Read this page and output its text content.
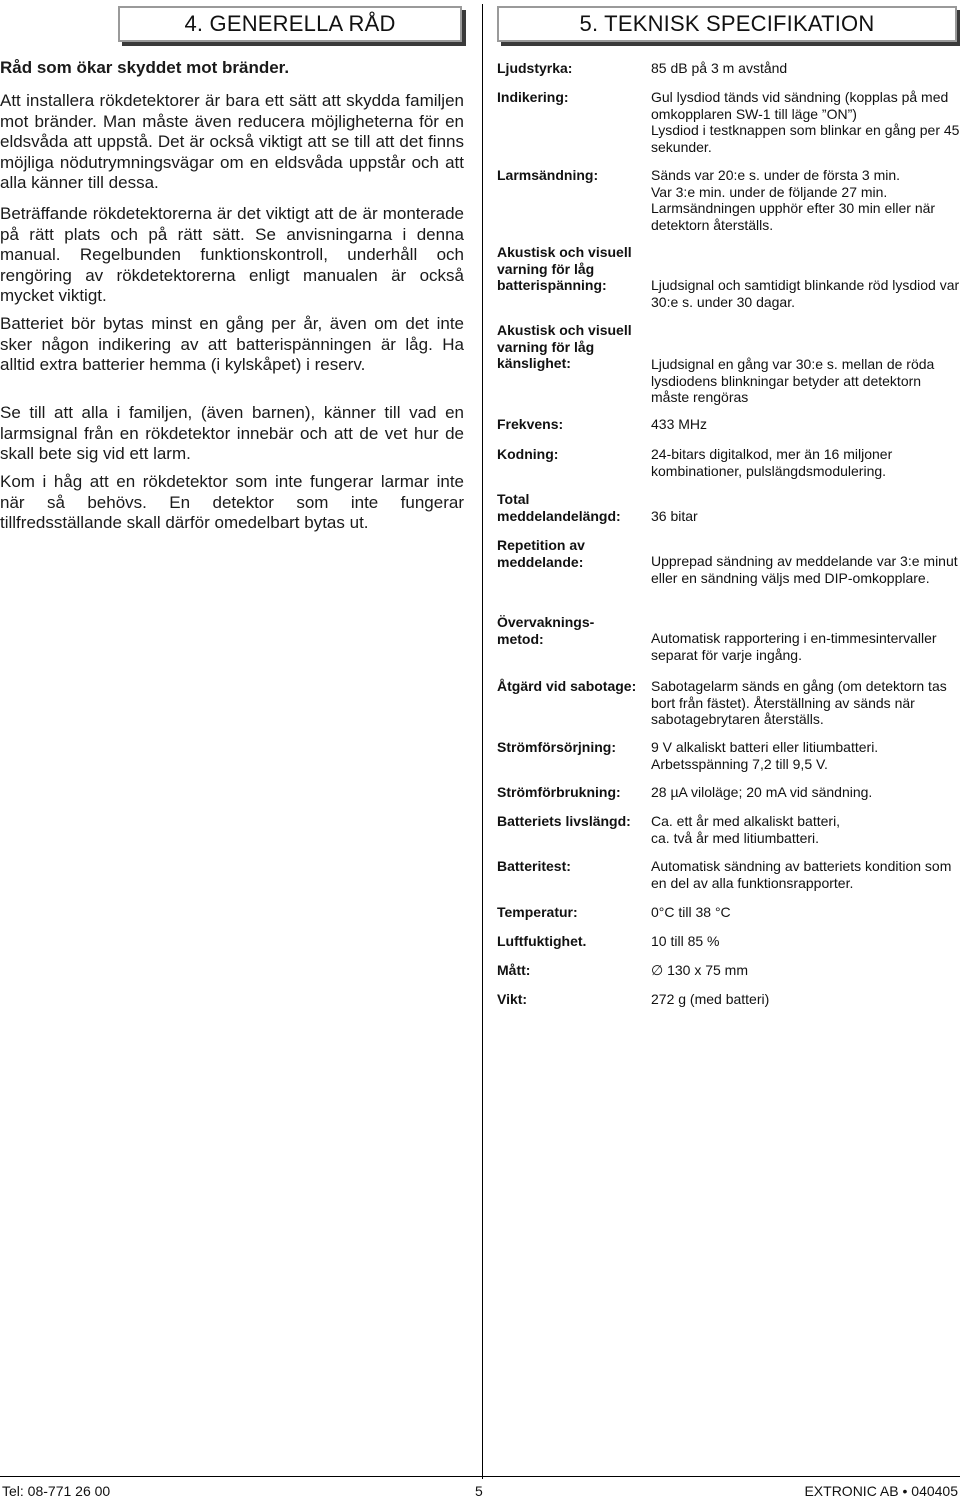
4. GENERELLA RÅD
Råd som ökar skyddet mot bränder.
Att installera rökdetektorer är bara ett sätt att skydda familjen mot bränder. Man måste även reducera möjligheterna för en eldsvåda att uppstå. Det är också viktigt att se till att det finns möjliga nödutrymningsvägar om en eldsvåda uppstår och att alla känner till dessa.
Beträffande rökdetektorerna är det viktigt att de är monterade på rätt plats och på rätt sätt. Se anvisningarna i denna manual. Regelbunden funktionskontroll, underhåll och rengöring av rökdetektorerna enligt manualen är också mycket viktigt.
Batteriet bör bytas minst en gång per år, även om det inte sker någon indikering av att batterispänningen är låg. Ha alltid extra batterier hemma (i kylskåpet) i reserv.
Se till att alla i familjen, (även barnen), känner till vad en larmsignal från en rökdetektor innebär och att de vet hur de skall bete sig vid ett larm.
Kom i håg att en rökdetektor som inte fungerar larmar inte när så behövs. En detektor som inte fungerar tillfredsställande skall därför omedelbart bytas ut.
5. TEKNISK SPECIFIKATION
Ljudstyrka:	85 dB på 3 m avstånd
Indikering:	Gul lysdiod tänds vid sändning (kopplas på med omkopplaren SW-1 till läge ”ON”)
Lysdiod i testknappen som blinkar en gång per 45 sekunder.
Larmsändning:	Sänds var 20:e s. under de första 3 min.
Var 3:e min. under de följande 27 min.
Larmsändningen upphör efter 30 min eller när detektorn återställs.
Akustisk och visuell
varning för låg
batterispänning:	Ljudsignal och samtidigt blinkande röd lysdiod var 30:e s. under 30 dagar.
Akustisk och visuell
varning för låg
känslighet:	Ljudsignal en gång var 30:e s. mellan de röda lysdiodens blinkningar betyder att detektorn måste rengöras
Frekvens:	433 MHz
Kodning:	24-bitars digitalkod, mer än 16 miljoner kombinationer, pulslängdsmodulering.
Total
meddelandelängd: 36 bitar
Repetition av
meddelande:	Upprepad sändning av meddelande var 3:e minut eller en sändning väljs med DIP-omkopplare.
Övervaknings-
metod:	Automatisk rapportering i en-timmesintervaller separat för varje ingång.
Åtgärd vid sabotage: Sabotagelarm sänds en gång (om detektorn tas bort från fästet). Återställning av sänds när sabotagebrytaren återställs.
Strömförsörjning:	9 V alkaliskt batteri eller litiumbatteri.
Arbetsspänning 7,2 till 9,5 V.
Strömförbrukning: 28 µA viloläge; 20 mA vid sändning.
Batteriets livslängd: Ca. ett år med alkaliskt batteri,
ca. två år med litiumbatteri.
Batteritest:	Automatisk sändning av batteriets kondition som en del av alla funktionsrapporter.
Temperatur:	0°C till 38 °C
Luftfuktighet.	10 till 85 %
Mått:	∅ 130 x 75 mm
Vikt:	272 g (med batteri)
Tel: 08-771 26 00	5	EXTRONIC AB • 040405
